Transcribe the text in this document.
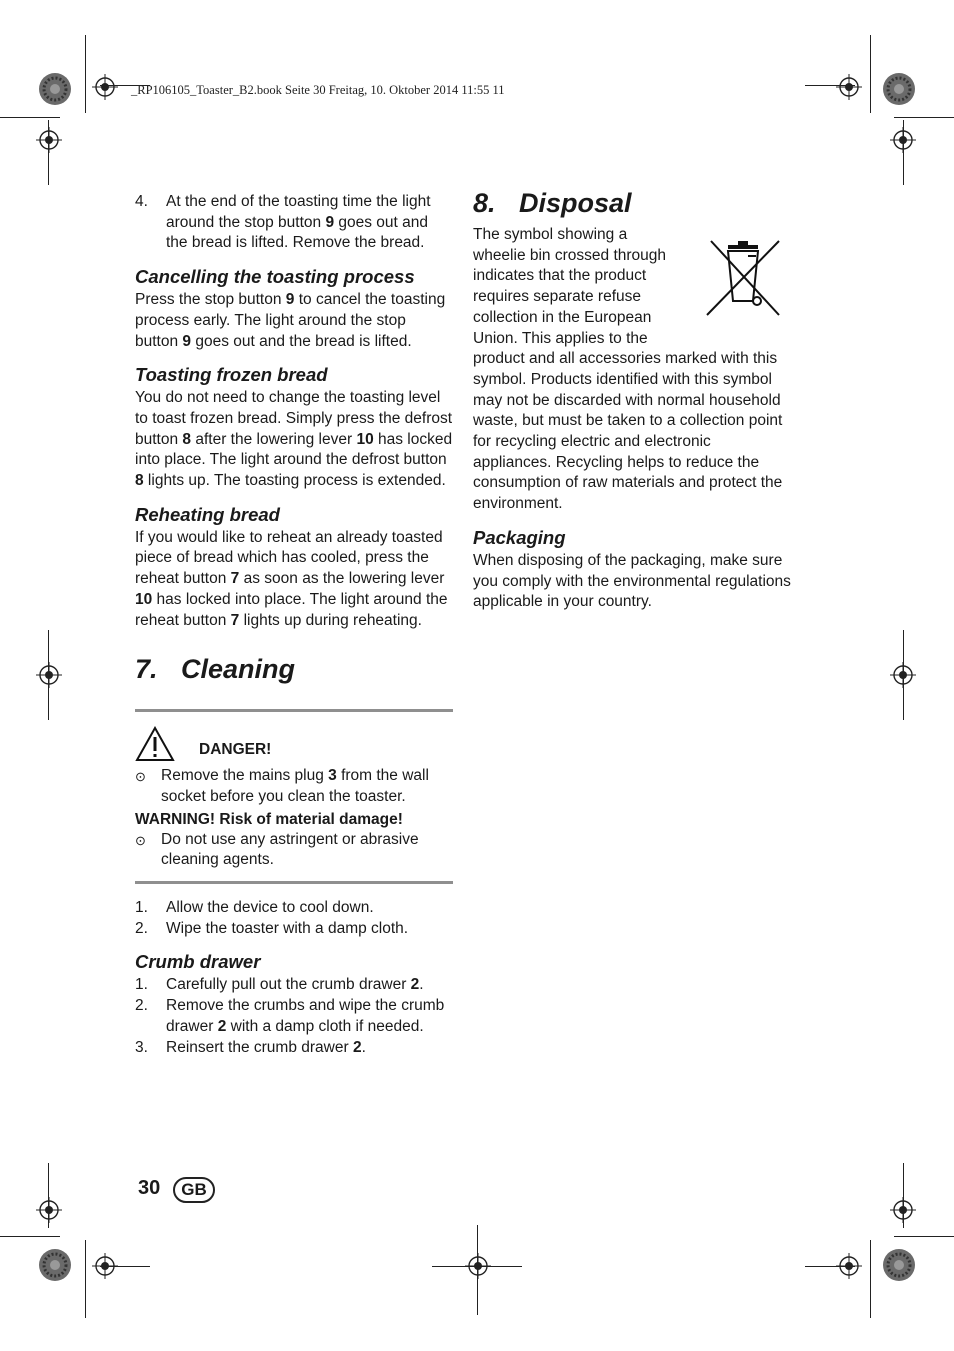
_RP106105_Toaster_B2.book Seite 30 Freitag, 10. Oktober 2014 11:55 11
4.	At the end of the toasting time the light around the stop button 9 goes out and the bread is lifted. Remove the bread.
Cancelling the toasting process

Press the stop button 9 to cancel the toasting process early. The light around the stop button 9 goes out and the bread is lifted.

Toasting frozen bread

You do not need to change the toasting level to toast frozen bread. Simply press the defrost button 8 after the lowering lever 10 has locked into place. The light around the defrost button 8 lights up. The toasting process is extended.

Reheating bread

If you would like to reheat an already toasted piece of bread which has cooled, press the reheat button 7 as soon as the lowering lever 10 has locked into place. The light around the reheat button 7 lights up during reheating.

7. Cleaning
DANGER!
⊙ Remove the mains plug 3 from the wall socket before you clean the toaster.
WARNING! Risk of material damage!
⊙ Do not use any astringent or abrasive cleaning agents.
1.	Allow the device to cool down.
2.	Wipe the toaster with a damp cloth.
Crumb drawer
1.	Carefully pull out the crumb drawer 2.
2.	Remove the crumbs and wipe the crumb drawer 2 with a damp cloth if needed.
3.	Reinsert the crumb drawer 2.
8. Disposal

The symbol showing a wheelie bin crossed through indicates that the product requires separate refuse collection in the European Union. This applies to the product and all accessories marked with this symbol. Products identified with this symbol may not be discarded with normal household waste, but must be taken to a collection point for recycling electric and electronic appliances. Recycling helps to reduce the consumption of raw materials and protect the environment.

Packaging

When disposing of the packaging, make sure you comply with the environmental regulations applicable in your country.

30	GB
